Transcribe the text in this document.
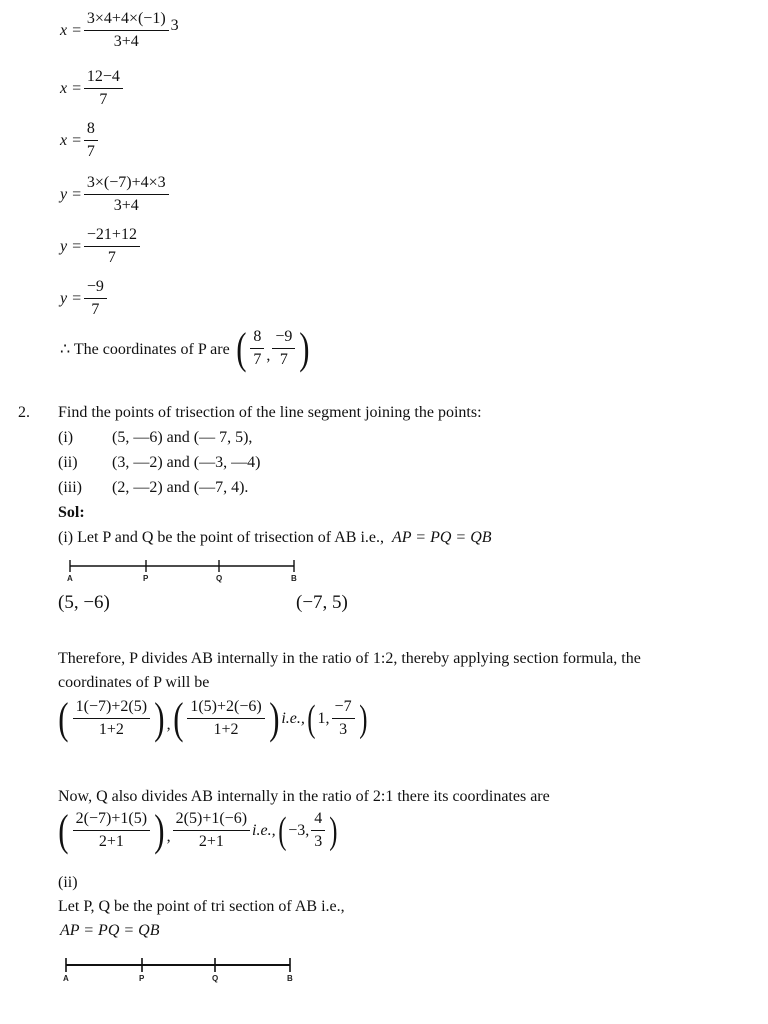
$x = \frac{3\times 4+4\times(-1)}{3+4} 3$
$x = \frac{12-4}{7}$
$x = \frac{8}{7}$
$y = \frac{3\times(-7)+4\times 3}{3+4}$
$y = \frac{-21+12}{7}$
$y = \frac{-9}{7}$
∴ The coordinates of P are ( $\frac{8}{7}$ , $\frac{-9}{7}$ )
2. Find the points of trisection of the line segment joining the points:
(i) (5, —6) and (— 7, 5),
(ii) (3, —2) and (—3, —4)
(iii) (2, —2) and (—7, 4).
Sol:
(i) Let P and Q be the point of trisection of AB i.e., AP = PQ = QB
A	P	Q	B
(5, −6)	(−7, 5)
Therefore, P divides AB internally in the ratio of 1:2, thereby applying section formula, the
coordinates of P will be
( $\frac{1(-7)+2(5)}{1+2}$ ) , ( $\frac{1(5)+2(-6)}{1+2}$ ) i.e., ( 1, $\frac{-7}{3}$ )
Now, Q also divides AB internally in the ratio of 2:1 there its coordinates are
( $\frac{2(-7)+1(5)}{2+1}$ ) , $\frac{2(5)+1(-6)}{2+1} i.e$., ( −3, $\frac{4}{3}$ )
(ii)
Let P, Q be the point of tri section of AB i.e.,
AP = PQ = QB
A	P	Q	B
